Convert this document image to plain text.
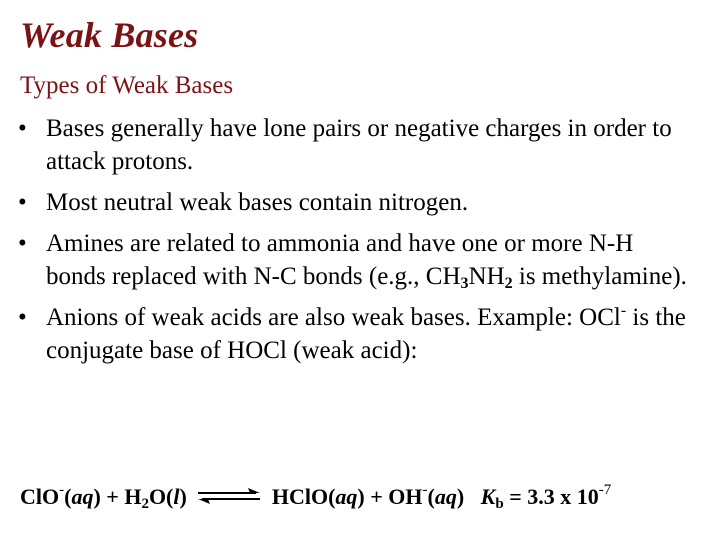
Weak Bases
Types of Weak Bases
• Bases generally have lone pairs or negative charges in order to attack protons.
• Most neutral weak bases contain nitrogen.
• Amines are related to ammonia and have one or more N-H bonds replaced with N-C bonds (e.g., $CH_3NH_2$ is methylamine).
• Anions of weak acids are also weak bases. Example: OCl- is the conjugate base of HOCl (weak acid):
$ClO^-(aq) + H_2O(l)$ ⇌ HClO(aq) + OH-(aq) $K_b = 3.3$ x $10^{-7}$
